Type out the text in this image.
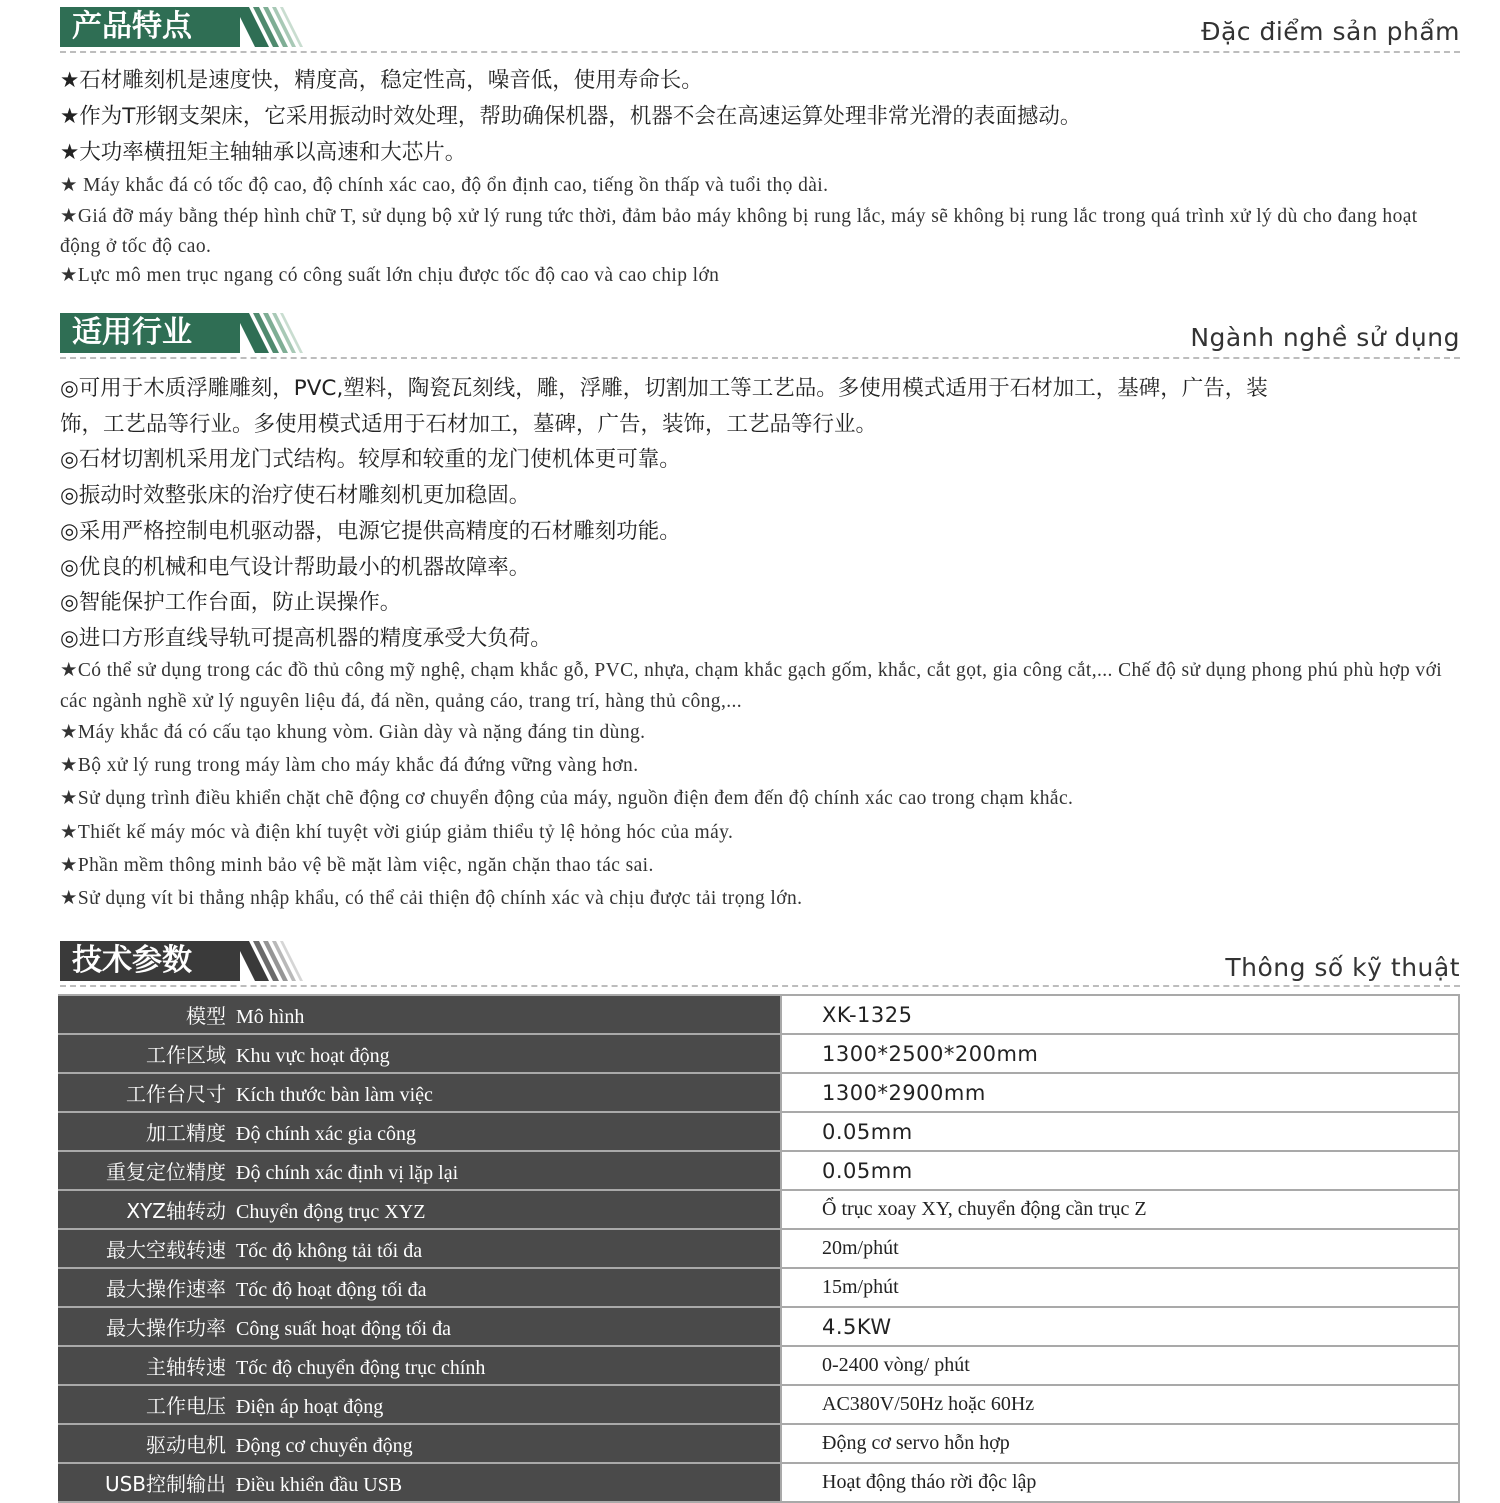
产品特点	Đặc điểm sản phẩm
★石材雕刻机是速度快，精度高，稳定性高，噪音低，使用寿命长。
★作为T形钢支架床，它采用振动时效处理，帮助确保机器，机器不会在高速运算处理非常光滑的表面撼动。
★大功率横扭矩主轴轴承以高速和大芯片。
★ Máy khắc đá có tốc độ cao, độ chính xác cao, độ ổn định cao, tiếng ồn thấp và tuổi thọ dài.
★Giá đỡ máy bằng thép hình chữ T, sử dụng bộ xử lý rung tức thời, đảm bảo máy không bị rung lắc, máy sẽ không bị rung lắc trong quá trình xử lý dù cho đang hoạt động ở tốc độ cao.
★Lực mô men trục ngang có công suất lớn chịu được tốc độ cao và cao chip lớn
适用行业	Ngành nghề sử dụng
◎可用于木质浮雕雕刻，PVC,塑料，陶瓷瓦刻线，雕，浮雕，切割加工等工艺品。多使用模式适用于石材加工，基碑，广告，装
饰，工艺品等行业。多使用模式适用于石材加工，墓碑，广告，装饰，工艺品等行业。
◎石材切割机采用龙门式结构。较厚和较重的龙门使机体更可靠。
◎振动时效整张床的治疗使石材雕刻机更加稳固。
◎采用严格控制电机驱动器，电源它提供高精度的石材雕刻功能。
◎优良的机械和电气设计帮助最小的机器故障率。
◎智能保护工作台面，防止误操作。
◎进口方形直线导轨可提高机器的精度承受大负荷。
★Có thể sử dụng trong các đồ thủ công mỹ nghệ, chạm khắc gỗ, PVC, nhựa, chạm khắc gạch gốm, khắc, cắt gọt, gia công cắt,... Chế độ sử dụng phong phú phù hợp với các ngành nghề xử lý nguyên liệu đá, đá nền, quảng cáo, trang trí, hàng thủ công,...
★Máy khắc đá có cấu tạo khung vòm. Giàn dày và nặng đáng tin dùng.
★Bộ xử lý rung trong máy làm cho máy khắc đá đứng vững vàng hơn.
★Sử dụng trình điều khiển chặt chẽ động cơ chuyển động của máy, nguồn điện đem đến độ chính xác cao trong chạm khắc.
★Thiết kế máy móc và điện khí tuyệt vời giúp giảm thiểu tỷ lệ hỏng hóc của máy.
★Phần mềm thông minh bảo vệ bề mặt làm việc, ngăn chặn thao tác sai.
★Sử dụng vít bi thẳng nhập khẩu, có thể cải thiện độ chính xác và chịu được tải trọng lớn.
技术参数	Thông số kỹ thuật
模型 Mô hình	XK-1325
工作区域 Khu vực hoạt động	1300*2500*200mm
工作台尺寸 Kích thước bàn làm việc	1300*2900mm
加工精度 Độ chính xác gia công	0.05mm
重复定位精度 Độ chính xác định vị lặp lại	0.05mm
XYZ轴转动 Chuyển động trục XYZ	Ổ trục xoay XY, chuyển động cần trục Z
最大空载转速 Tốc độ không tải tối đa	20m/phút
最大操作速率 Tốc độ hoạt động tối đa	15m/phút
最大操作功率 Công suất hoạt động tối đa	4.5KW
主轴转速 Tốc độ chuyển động trục chính	0-2400 vòng/ phút
工作电压 Điện áp hoạt động	AC380V/50Hz hoặc 60Hz
驱动电机 Động cơ chuyển động	Động cơ servo hỗn hợp
USB控制输出 Điều khiển đầu USB	Hoạt động tháo rời độc lập
